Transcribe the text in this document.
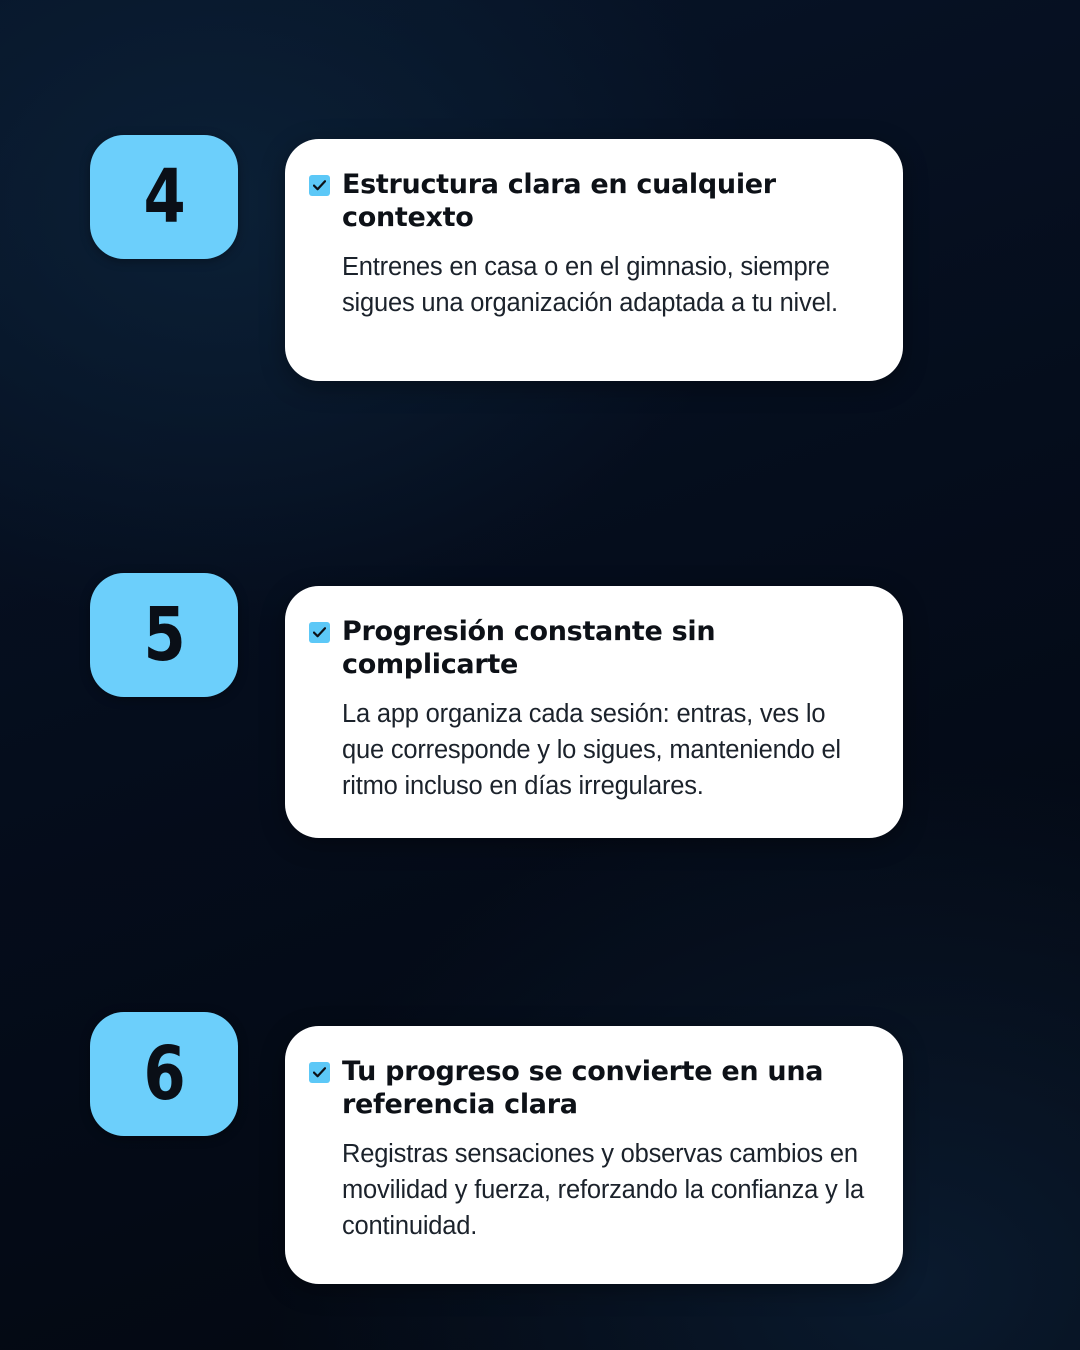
4	Estructura clara en cualquier contexto
Entrenes en casa o en el gimnasio, siempre sigues una organización adaptada a tu nivel.
5	Progresión constante sin complicarte
La app organiza cada sesión: entras, ves lo que corresponde y lo sigues, manteniendo el ritmo incluso en días irregulares.
6	Tu progreso se convierte en una referencia clara
Registras sensaciones y observas cambios en movilidad y fuerza, reforzando la confianza y la continuidad.
